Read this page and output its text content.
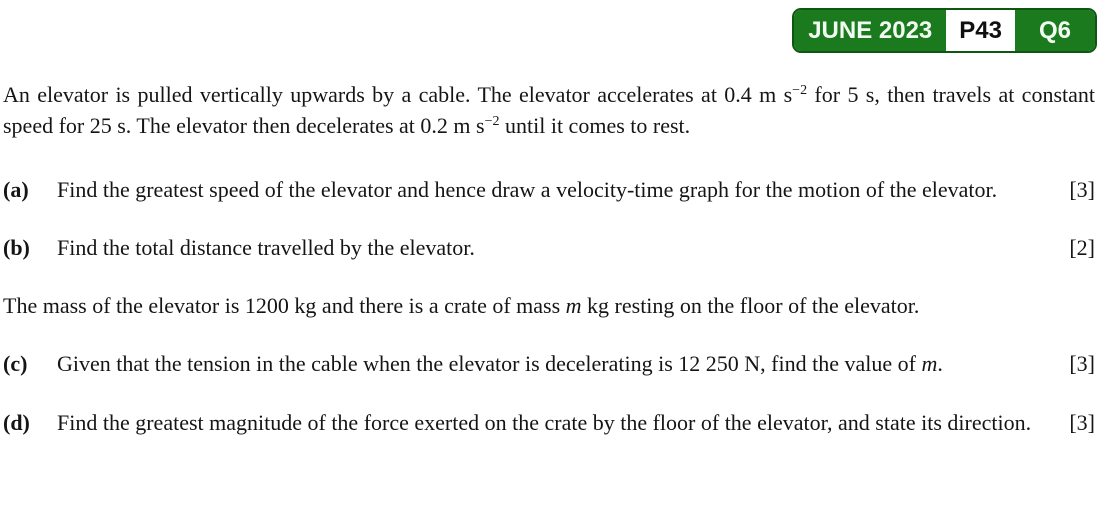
JUNE 2023	P43	Q6

An elevator is pulled vertically upwards by a cable. The elevator accelerates at 0.4 m $s^{-2}$ for 5 s, then travels at constant speed for 25 s. The elevator then decelerates at 0.2 m $s^{-2}$ until it comes to rest.

(a) Find the greatest speed of the elevator and hence draw a velocity-time graph for the motion of the elevator.	[3]
(b) Find the total distance travelled by the elevator.	[2]

The mass of the elevator is 1200 kg and there is a crate of mass m kg resting on the floor of the elevator.

(c) Given that the tension in the cable when the elevator is decelerating is 12 250 N, find the value of m.	[3]
(d) Find the greatest magnitude of the force exerted on the crate by the floor of the elevator, and state its direction.	[3]
